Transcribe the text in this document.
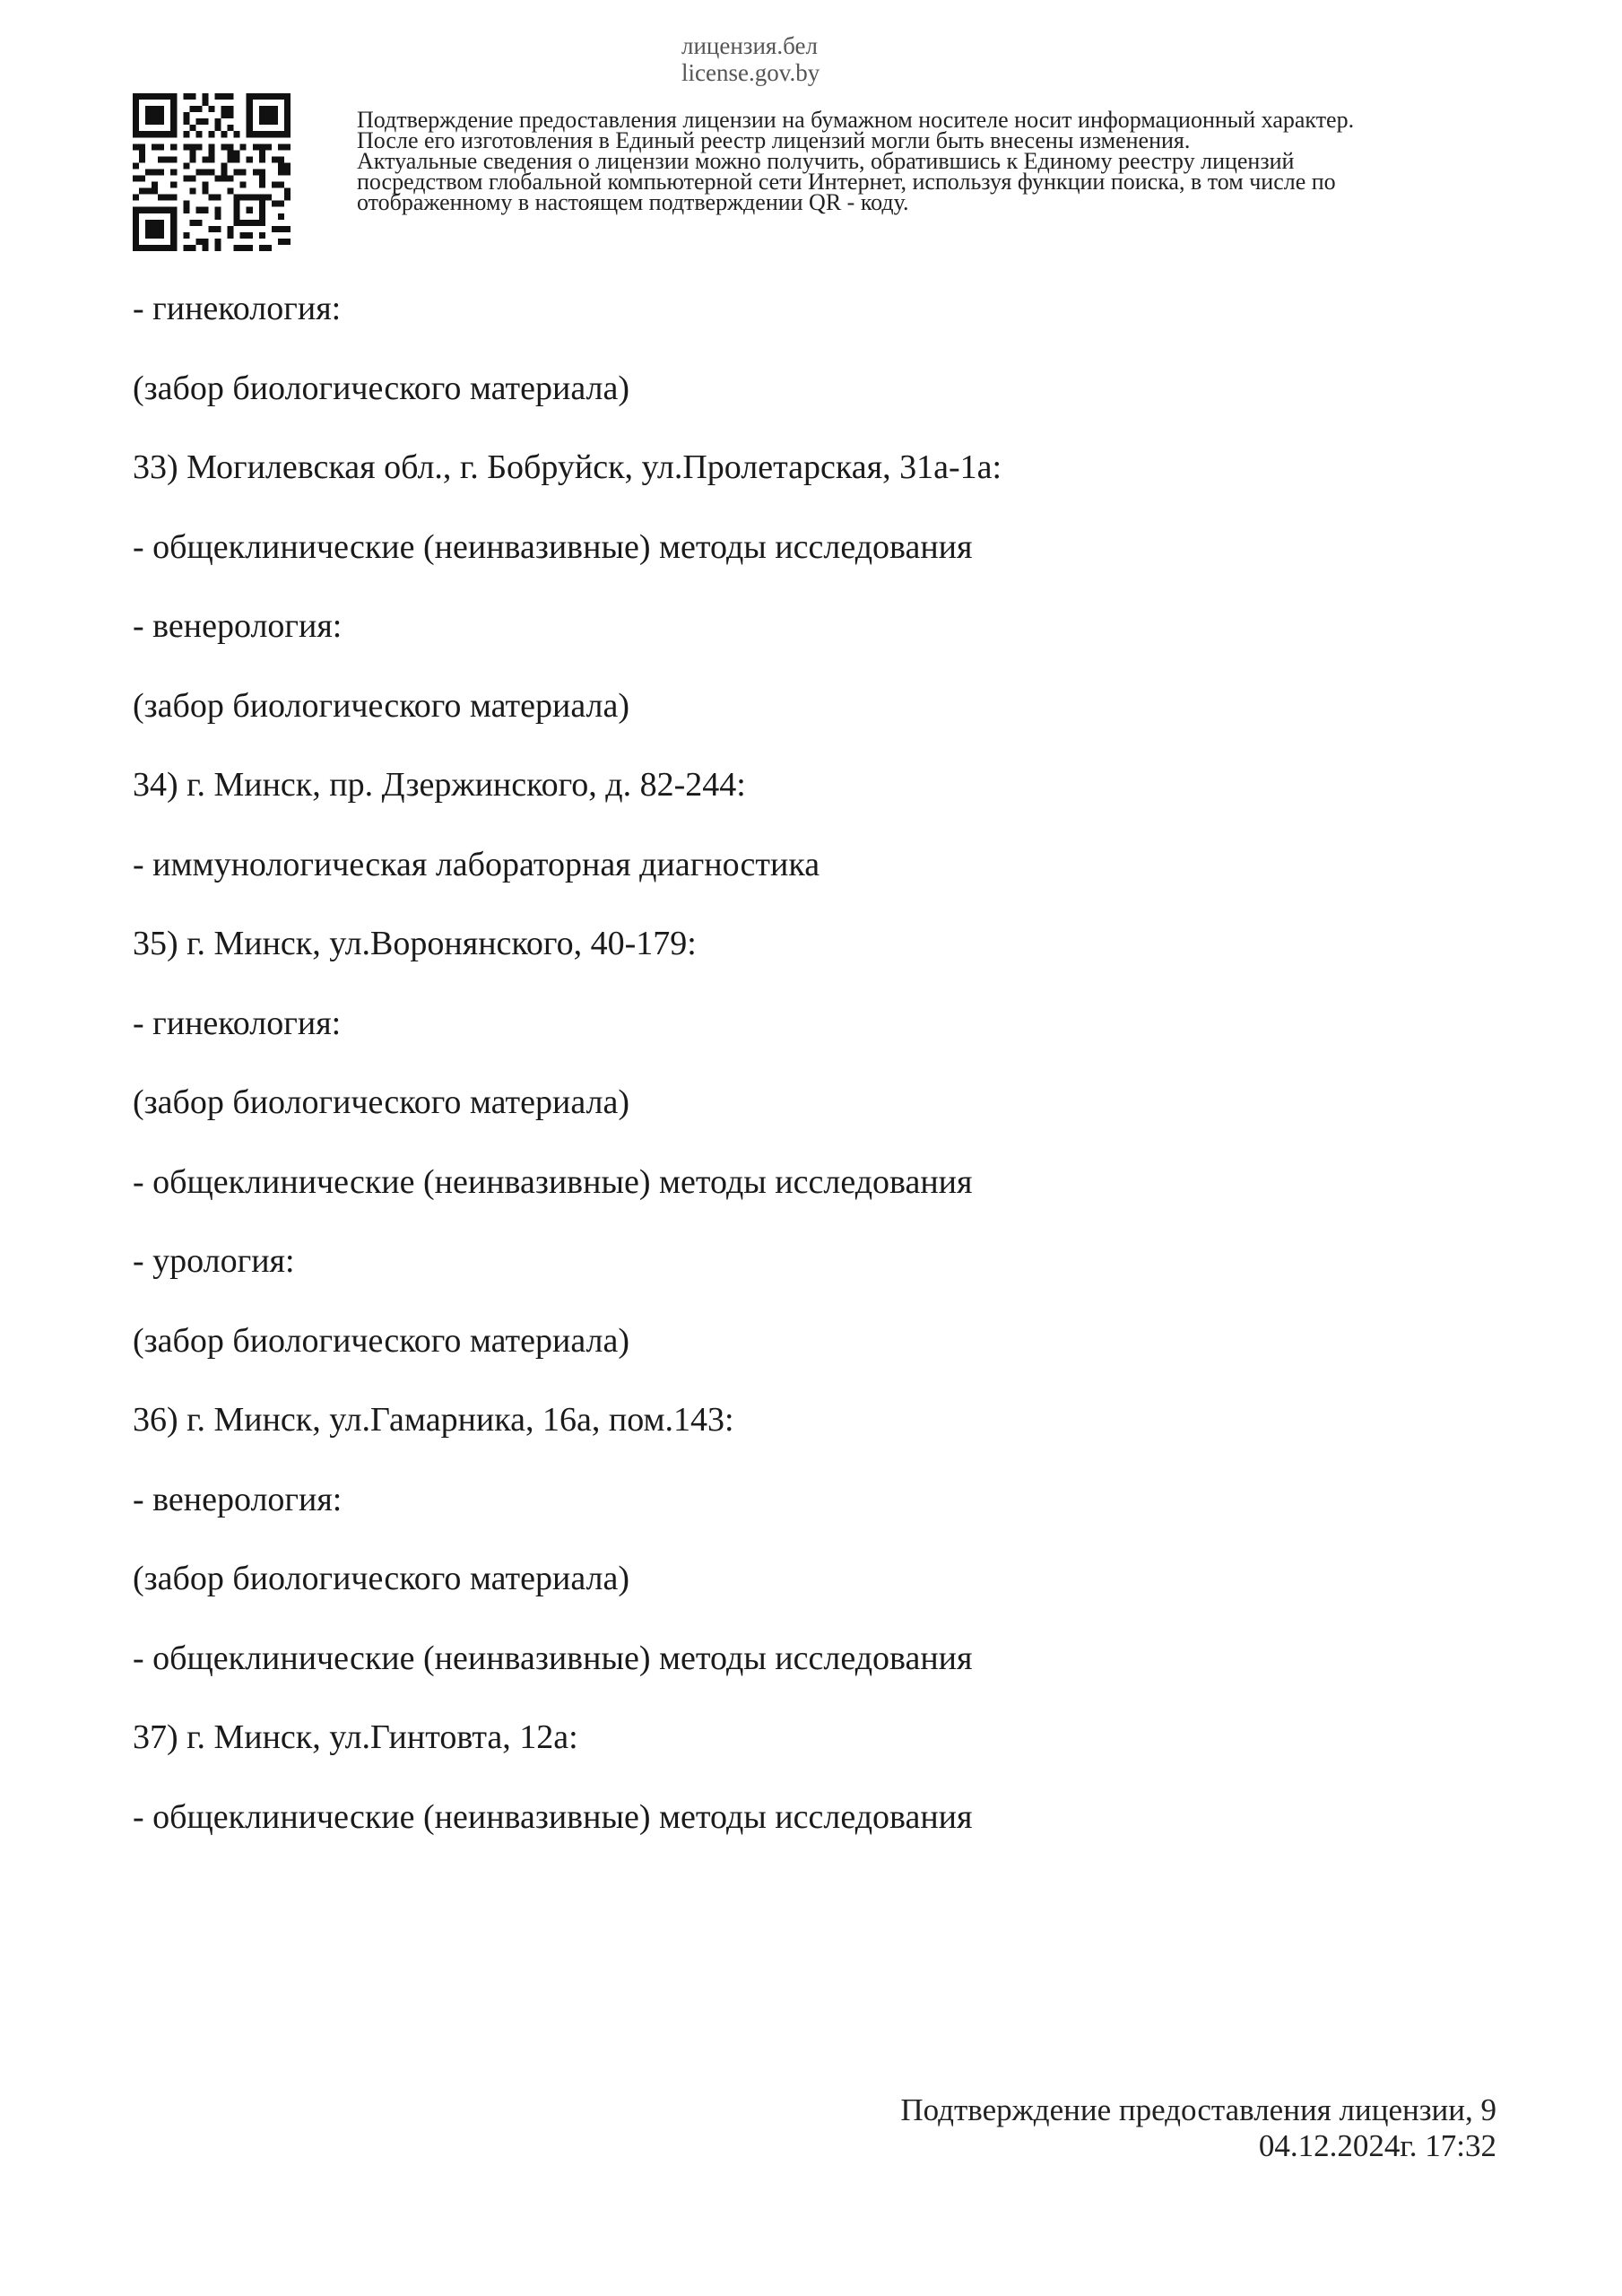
лицензия.бел
license.gov.by
Подтверждение предоставления лицензии на бумажном носителе носит информационный характер.
После его изготовления в Единый реестр лицензий могли быть внесены изменения.
Актуальные сведения о лицензии можно получить, обратившись к Единому реестру лицензий
посредством глобальной компьютерной сети Интернет, используя функции поиска, в том числе по
отображенному в настоящем подтверждении QR - коду.
- гинекология:
(забор биологического материала)
33) Могилевская обл., г. Бобруйск, ул.Пролетарская, 31а-1а:
- общеклинические (неинвазивные) методы исследования
- венерология:
(забор биологического материала)
34) г. Минск, пр. Дзержинского, д. 82-244:
- иммунологическая лабораторная диагностика
35) г. Минск, ул.Воронянского, 40-179:
- гинекология:
(забор биологического материала)
- общеклинические (неинвазивные) методы исследования
- урология:
(забор биологического материала)
36) г. Минск, ул.Гамарника, 16а, пом.143:
- венерология:
(забор биологического материала)
- общеклинические (неинвазивные) методы исследования
37) г. Минск, ул.Гинтовта, 12а:
- общеклинические (неинвазивные) методы исследования
Подтверждение предоставления лицензии, 9
04.12.2024г. 17:32
